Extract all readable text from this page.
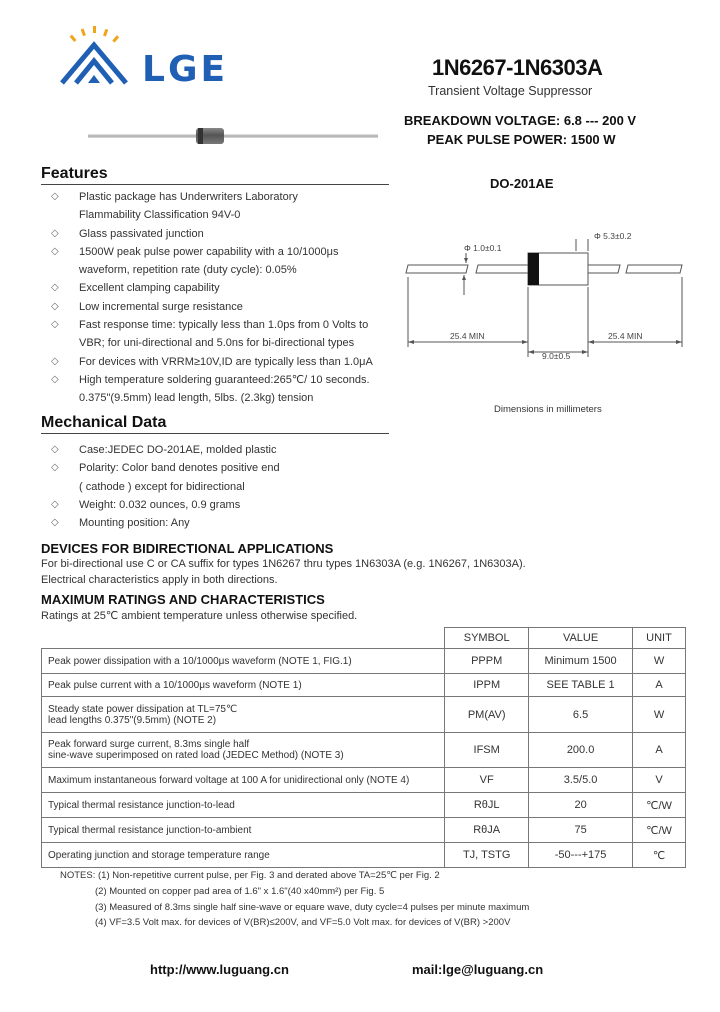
LGE	1N6267-1N6303A
Transient Voltage Suppressor
BREAKDOWN VOLTAGE: 6.8 --- 200 V
PEAK PULSE POWER: 1500 W
Features
◇ Plastic package has Underwriters Laboratory
Flammability Classification 94V-0
◇ Glass passivated junction
◇ 1500W peak pulse power capability with a 10/1000μs
waveform, repetition rate (duty cycle): 0.05%
◇ Excellent clamping capability
◇ Low incremental surge resistance
◇ Fast response time: typically less than 1.0ps from 0 Volts to
VBR; for uni-directional and 5.0ns for bi-directional types
◇ For devices with VRRM≥10V,ID are typically less than 1.0μA
◇ High temperature soldering guaranteed:265℃/ 10 seconds.
0.375"(9.5mm) lead length, 5lbs. (2.3kg) tension
DO-201AE
Φ 1.0±0.1
Φ 5.3±0.2
25.4 MIN	25.4 MIN
9.0±0.5
Dimensions in millimeters
Mechanical Data
◇ Case:JEDEC DO-201AE, molded plastic
◇ Polarity: Color band denotes positive end
( cathode ) except for bidirectional
◇ Weight: 0.032 ounces, 0.9 grams
◇ Mounting position: Any
DEVICES FOR BIDIRECTIONAL APPLICATIONS
For bi-directional use C or CA suffix for types 1N6267 thru types 1N6303A (e.g. 1N6267, 1N6303A).
Electrical characteristics apply in both directions.
MAXIMUM RATINGS AND CHARACTERISTICS
Ratings at 25℃ ambient temperature unless otherwise specified.
	SYMBOL	VALUE	UNIT
Peak power dissipation with a 10/1000μs waveform (NOTE 1, FIG.1)	PPPM	Minimum 1500	W
Peak pulse current with a 10/1000μs waveform (NOTE 1)	IPPM	SEE TABLE 1	A

Steady state power dissipation at TL=75℃
lead lengths 0.375"(9.5mm) (NOTE 2)	PM(AV)	6.5	W

Peak forward surge current, 8.3ms single half
sine-wave superimposed on rated load (JEDEC Method) (NOTE 3)	IFSM	200.0	A
Maximum instantaneous forward voltage at 100 A for unidirectional only (NOTE 4)	VF	3.5/5.0	V
Typical thermal resistance junction-to-lead	RθJL	20	℃/W
Typical thermal resistance junction-to-ambient	RθJA	75	℃/W
Operating junction and storage temperature range	TJ, TSTG	-50---+175	℃
NOTES: (1) Non-repetitive current pulse, per Fig. 3 and derated above TA=25℃ per Fig. 2
(2) Mounted on copper pad area of 1.6" x 1.6"(40 x40mm²) per Fig. 5
(3) Measured of 8.3ms single half sine-wave or equare wave, duty cycle=4 pulses per minute maximum
(4) VF=3.5 Volt max. for devices of V(BR)≤200V, and VF=5.0 Volt max. for devices of V(BR) >200V
http://www.luguang.cn	mail:lge@luguang.cn
